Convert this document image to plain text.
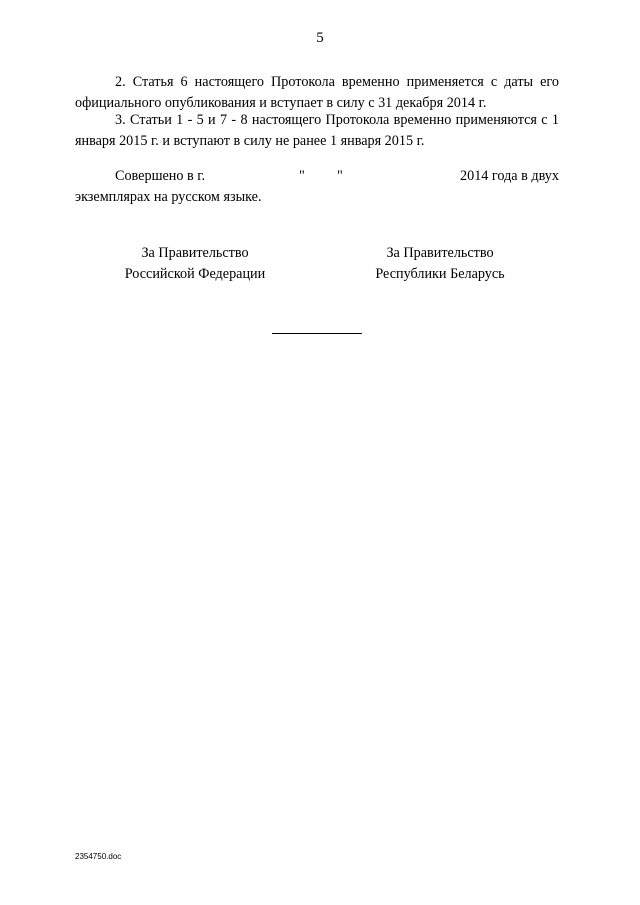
5

2. Статья 6 настоящего Протокола временно применяется с даты его официального опубликования и вступает в силу с 31 декабря 2014 г.

3. Статьи 1 - 5 и 7 - 8 настоящего Протокола временно применяются с 1 января 2015 г. и вступают в силу не ранее 1 января 2015 г.

Совершено в г.	" "	2014 года в двух
экземплярах на русском языке.
За Правительство
Российской Федерации
За Правительство
Республики Беларусь
2354750.doc
